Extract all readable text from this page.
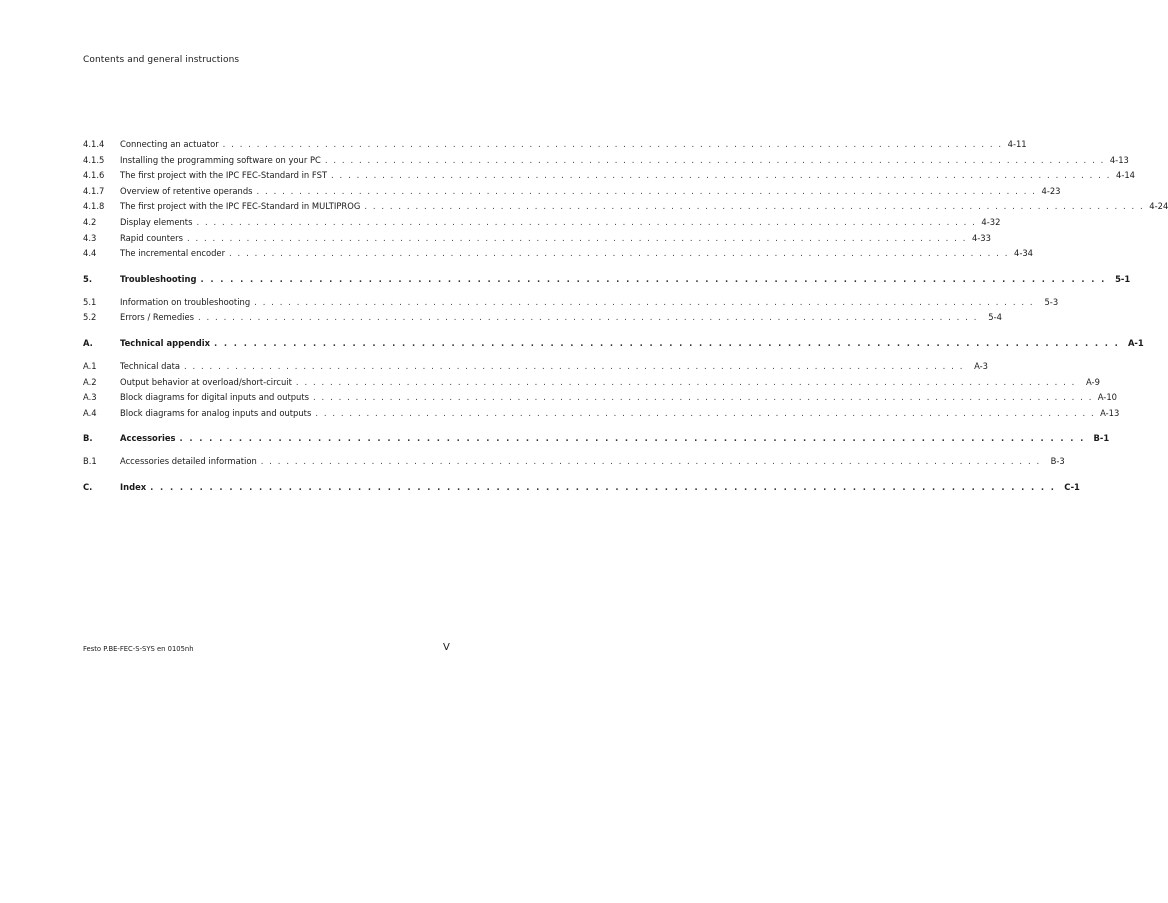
Contents and general instructions
4.1.4	Connecting an actuator . . .	4-11
4.1.5	Installing the programming software on your PC . . .	4-13
4.1.6	The first project with the IPC FEC-Standard in FST . . .	4-14
4.1.7	Overview of retentive operands . . .	4-23
4.1.8	The first project with the IPC FEC-Standard in MULTIPROG . . .	4-24
4.2	Display elements . . .	4-32
4.3	Rapid counters . . .	4-33
4.4	The incremental encoder . . .	4-34
5.	Troubleshooting . . .	5-1
5.1	Information on troubleshooting . . .	5-3
5.2	Errors / Remedies . . .	5-4
A.	Technical appendix . . .	A-1
A.1	Technical data . . .	A-3
A.2	Output behavior at overload/short-circuit . . .	A-9
A.3	Block diagrams for digital inputs and outputs . . .	A-10
A.4	Block diagrams for analog inputs and outputs . . .	A-13
B.	Accessories . . .	B-1
B.1	Accessories detailed information . . .	B-3
C.	Index . . .	C-1
Festo P.BE-FEC-S-SYS en 0105nh	V
